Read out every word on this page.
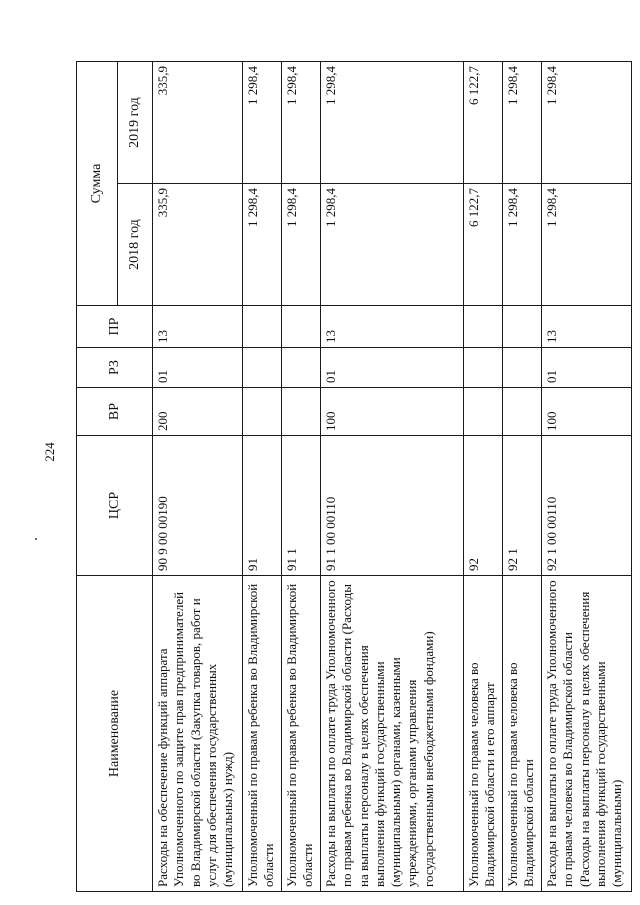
224
Наименование	ЦСР	ВР	РЗ	ПР	Сумма	
					2018 год	2019 год
Расходы на обеспечение функций аппарата Уполномоченного по защите прав предпринимателей во Владимирской области (Закупка товаров, работ и услуг для обеспечения государственных (муниципальных) нужд)	90 9 00 00190	200	01	13	335,9	335,9
Уполномоченный по правам ребенка во Владимирской области	91				1 298,4	1 298,4
Уполномоченный по правам ребенка во Владимирской области	91 1				1 298,4	1 298,4
Расходы на выплаты по оплате труда Уполномоченного по правам ребенка во Владимирской области (Расходы на выплаты персоналу в целях обеспечения выполнения функций государственными (муниципальными) органами, казенными учреждениями, органами управления государственными внебюджетными фондами)	91 1 00 00110	100	01	13	1 298,4	1 298,4
Уполномоченный по правам человека во Владимирской области и его аппарат	92				6 122,7	6 122,7
Уполномоченный по правам человека во Владимирской области	92 1				1 298,4	1 298,4
Расходы на выплаты по оплате труда Уполномоченного по правам человека во Владимирской области (Расходы на выплаты персоналу в целях обеспечения выполнения функций государственными (муниципальными)	92 1 00 00110	100	01	13	1 298,4	1 298,4
